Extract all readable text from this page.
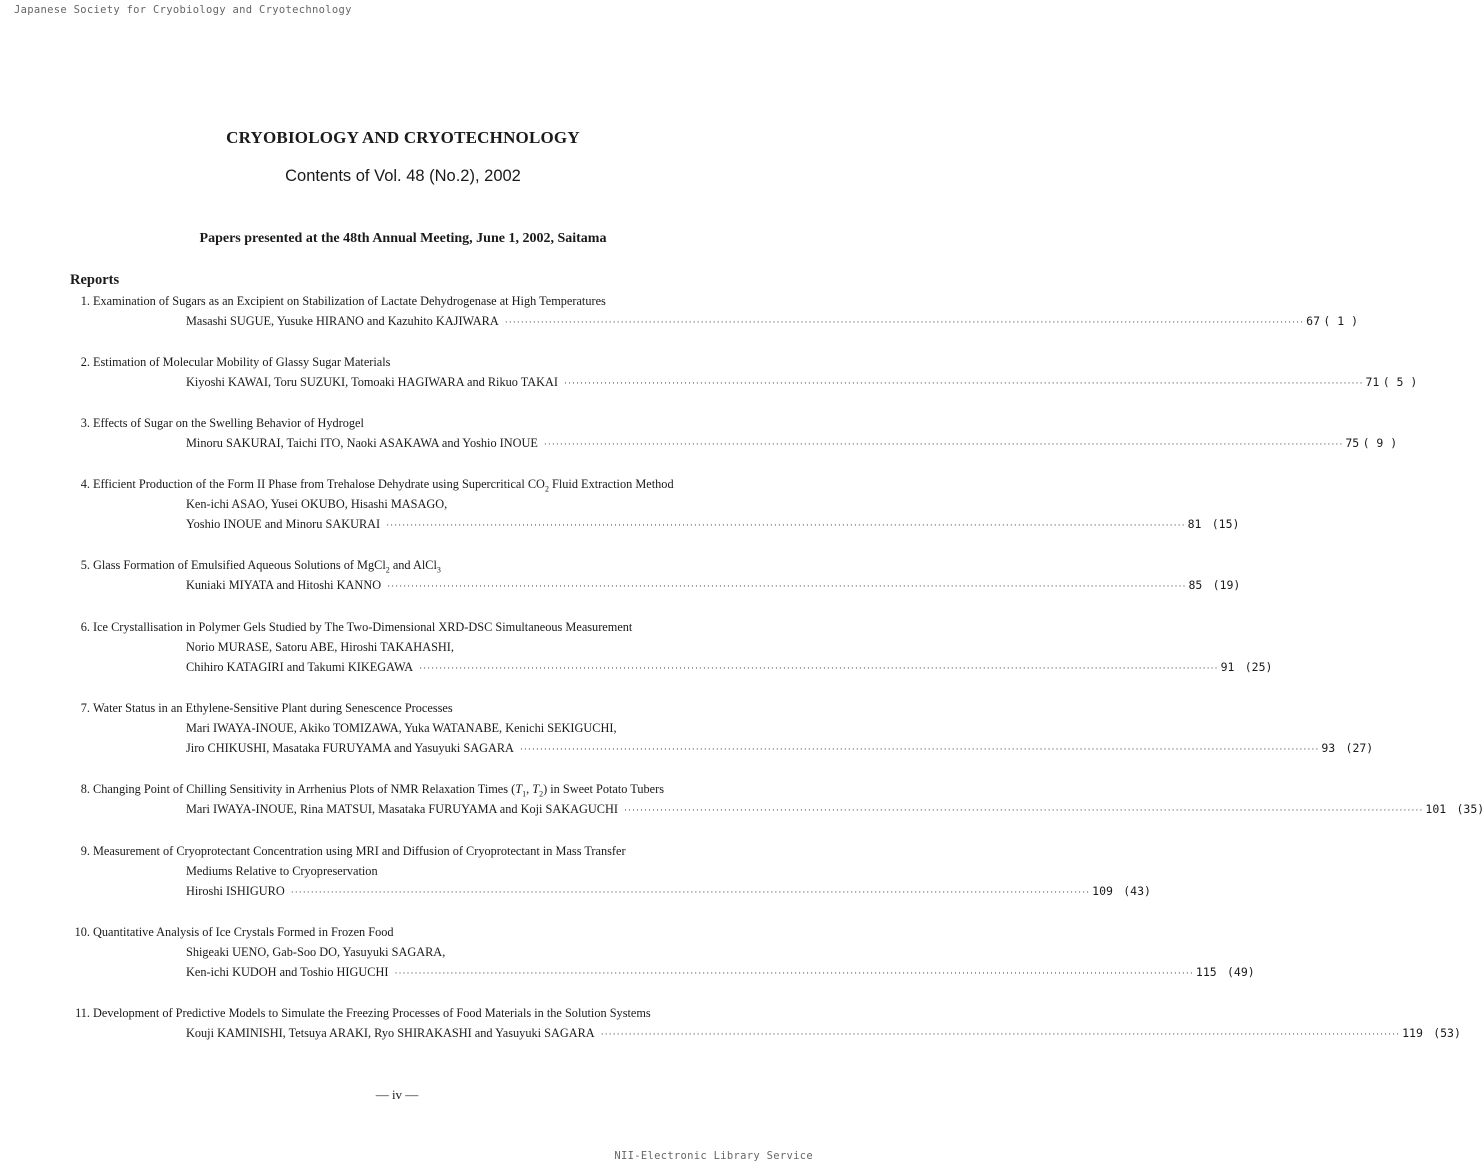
Japanese Society for Cryobiology and Cryotechnology
CRYOBIOLOGY AND CRYOTECHNOLOGY
Contents of Vol. 48 (No.2), 2002
Papers presented at the 48th Annual Meeting, June 1, 2002, Saitama
Reports
1. Examination of Sugars as an Excipient on Stabilization of Lactate Dehydrogenase at High Temperatures
Masashi SUGUE, Yusuke HIRANO and Kazuhito KAJIWARA ········································································································································································································ 67 ( 1 )
2. Estimation of Molecular Mobility of Glassy Sugar Materials
Kiyoshi KAWAI, Toru SUZUKI, Tomoaki HAGIWARA and Rikuo TAKAI ········································································································································································································ 71 ( 5 )
3. Effects of Sugar on the Swelling Behavior of Hydrogel
Minoru SAKURAI, Taichi ITO, Naoki ASAKAWA and Yoshio INOUE ········································································································································································································ 75 ( 9 )
4. Efficient Production of the Form II Phase from Trehalose Dehydrate using Supercritical $CO_2$ Fluid Extraction Method
Ken-ichi ASAO, Yusei OKUBO, Hisashi MASAGO,
Yoshio INOUE and Minoru SAKURAI ········································································································································································································ 81 (15)
5. Glass Formation of Emulsified Aqueous Solutions of MgCl$_2$ and AlCl$_3$
Kuniaki MIYATA and Hitoshi KANNO ········································································································································································································ 85 (19)
6. Ice Crystallisation in Polymer Gels Studied by The Two-Dimensional XRD-DSC Simultaneous Measurement
Norio MURASE, Satoru ABE, Hiroshi TAKAHASHI,
Chihiro KATAGIRI and Takumi KIKEGAWA ········································································································································································································ 91 (25)
7. Water Status in an Ethylene-Sensitive Plant during Senescence Processes
Mari IWAYA-INOUE, Akiko TOMIZAWA, Yuka WATANABE, Kenichi SEKIGUCHI,
Jiro CHIKUSHI, Masataka FURUYAMA and Yasuyuki SAGARA ········································································································································································································ 93 (27)
8. Changing Point of Chilling Sensitivity in Arrhenius Plots of NMR Relaxation Times ($T_1$, $T_2$) in Sweet Potato Tubers
Mari IWAYA-INOUE, Rina MATSUI, Masataka FURUYAMA and Koji SAKAGUCHI ········································································································································································································ 101 (35)
9. Measurement of Cryoprotectant Concentration using MRI and Diffusion of Cryoprotectant in Mass Transfer
Mediums Relative to Cryopreservation
Hiroshi ISHIGURO ········································································································································································································ 109 (43)
10. Quantitative Analysis of Ice Crystals Formed in Frozen Food
Shigeaki UENO, Gab-Soo DO, Yasuyuki SAGARA,
Ken-ichi KUDOH and Toshio HIGUCHI ········································································································································································································ 115 (49)
11. Development of Predictive Models to Simulate the Freezing Processes of Food Materials in the Solution Systems
Kouji KAMINISHI, Tetsuya ARAKI, Ryo SHIRAKASHI and Yasuyuki SAGARA ········································································································································································································ 119 (53)
— iv —
NII-Electronic Library Service
